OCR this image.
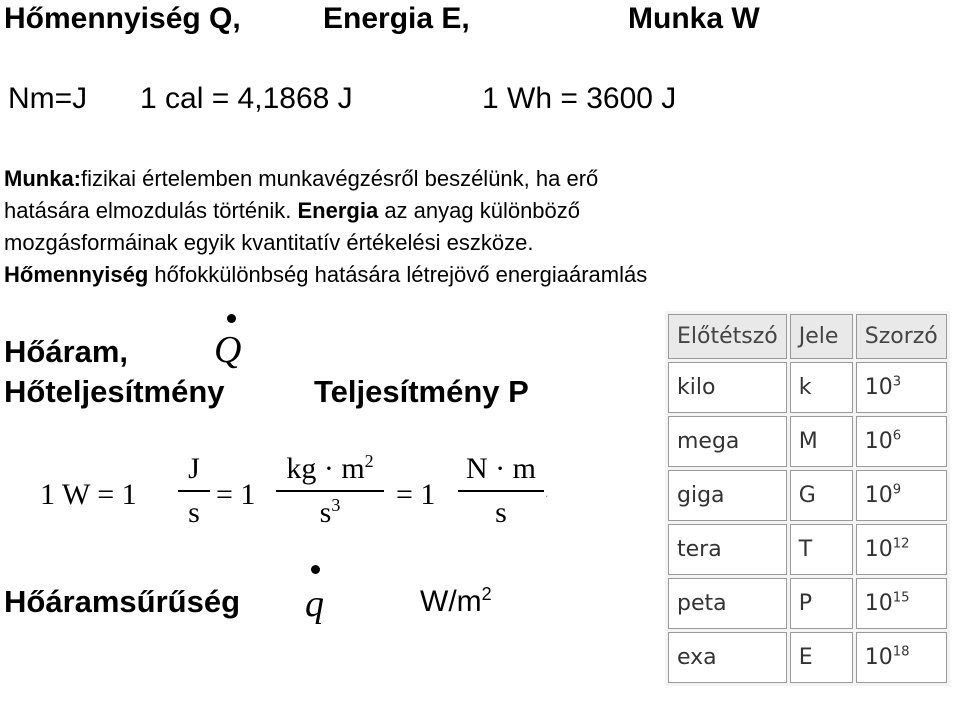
Hőmennyiség Q,	Energia E,	Munka W
Nm=J 1 cal = 4,1868 J	1 Wh = 3600 J
Munka:fizikai értelemben munkavégzésről beszélünk, ha erő
hatására elmozdulás történik. Energia az anyag különböző
mozgásformáinak egyik kvantitatív értékelési eszköze.
Hőmennyiség hőfokkülönbség hatására létrejövő energiaáramlás
Hőáram, Q
Hőteljesítmény	Teljesítmény P
1 $W = 1 \frac{J}{s} = 1 \frac{kg \cdot m^2}{s^3} = 1 \frac{N \cdot m}{s}$ .
Hőáramsűrűség q	$W/m^2$
Előtétszó	Jele	Szorzó
kilo	k	$10^3$
mega	M	$10^6$
giga	G	$10^9$
tera	T	$10^{12}$
peta	P	$10^{15}$
exa	E	$10^{18}$
